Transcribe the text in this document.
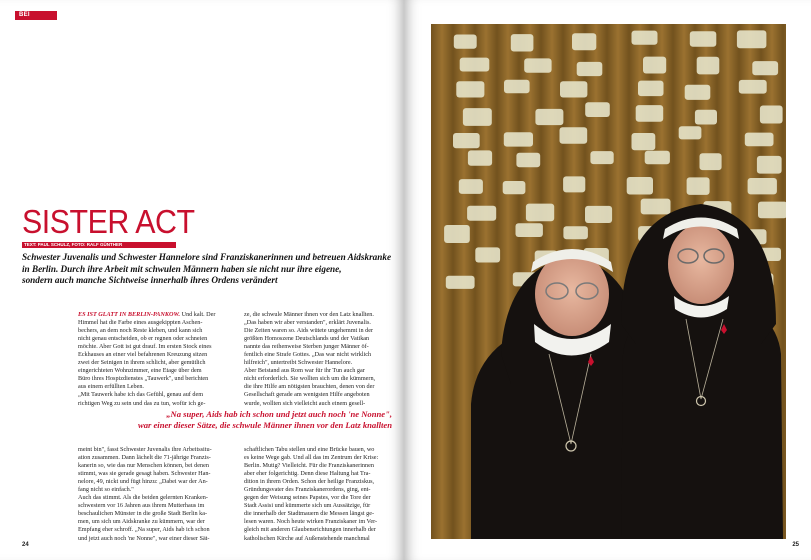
BEI BESUCH
SISTER ACT
TEXT: PAUL SCHULZ, FOTO: RALF GÜNTHER
Schwester Juvenalis und Schwester Hannelore sind Franziskanerinnen und betreuen Aidskranke
in Berlin. Durch ihre Arbeit mit schwulen Männern haben sie nicht nur ihre eigene,
sondern auch manche Sichtweise innerhalb ihres Ordens verändert
ES IST GLATT IN BERLIN-PANKOW. Und kalt. Der
Himmel hat die Farbe eines ausgekippten Aschen-
bechers, an dem noch Reste kleben, und kann sich
nicht genau entscheiden, ob er regnen oder schneien
möchte. Aber Gott ist gut drauf. Im ersten Stock eines
Eckhauses an einer viel befahrenen Kreuzung sitzen
zwei der Seinigen in ihrem schlicht, aber gemütlich
eingerichteten Wohnzimmer, eine Etage über dem
Büro ihres Hospizdienstes „Tauwerk", und berichten
aus einem erfüllten Leben.
„Mit Tauwerk habe ich das Gefühl, genau auf dem
richtigen Weg zu sein und das zu tun, wofür ich ge-
ze, die schwule Männer ihnen vor den Latz knallten.
„Das haben wir aber verstanden", erklärt Juvenalis.
Die Zeiten waren so. Aids wütete ungehemmt in der
größten Homoszene Deutschlands und der Vatikan
nannte das reihenweise Sterben junger Männer öf-
fentlich eine Strafe Gottes. „Das war nicht wirklich
hilfreich", untertreibt Schwester Hannelore.
Aber Beistand aus Rom war für ihr Tun auch gar
nicht erforderlich. Sie wollten sich um die kümmern,
die ihre Hilfe am nötigsten brauchten, denen von der
Gesellschaft gerade am wenigsten Hilfe angeboten
wurde, wollten sich vielleicht auch einem gesell-
„Na super, Aids hab ich schon und jetzt auch noch 'ne Nonne",
war einer dieser Sätze, die schwule Männer ihnen vor den Latz knallten
meint bin", fasst Schwester Juvenalis ihre Arbeitssitu-
ation zusammen. Dann lächelt die 71-jährige Franzis-
kanerin so, wie das nur Menschen können, bei denen
stimmt, was sie gerade gesagt haben. Schwester Han-
nelore, 49, nickt und fügt hinzu: „Dabei war der An-
fang nicht so einfach."
Auch das stimmt. Als die beiden gelernten Kranken-
schwestern vor 16 Jahren aus ihrem Mutterhaus im
beschaulichen Münster in die große Stadt Berlin ka-
men, um sich um Aidskranke zu kümmern, war der
Empfang eher schroff. „Na super, Aids hab ich schon
und jetzt auch noch 'ne Nonne", war einer dieser Sät-
schaftlichen Tabu stellen und eine Brücke bauen, wo
es keine Wege gab. Und all das im Zentrum der Krise:
Berlin. Mutig? Vielleicht. Für die Franziskanerinnen
aber eher folgerichtig. Denn diese Haltung hat Tra-
dition in ihrem Orden. Schon der heilige Franziskus,
Gründungsvater des Franziskanerordens, ging, ent-
gegen der Weisung seines Papstes, vor die Tore der
Stadt Assisi und kümmerte sich um Aussätzige, für
die innerhalb der Stadtmauern die Messen längst ge-
lesen waren. Noch heute wirken Franziskaner im Ver-
gleich mit anderen Glaubensrichtungen innerhalb der
katholischen Kirche auf Außenstehende manchmal
24	25
